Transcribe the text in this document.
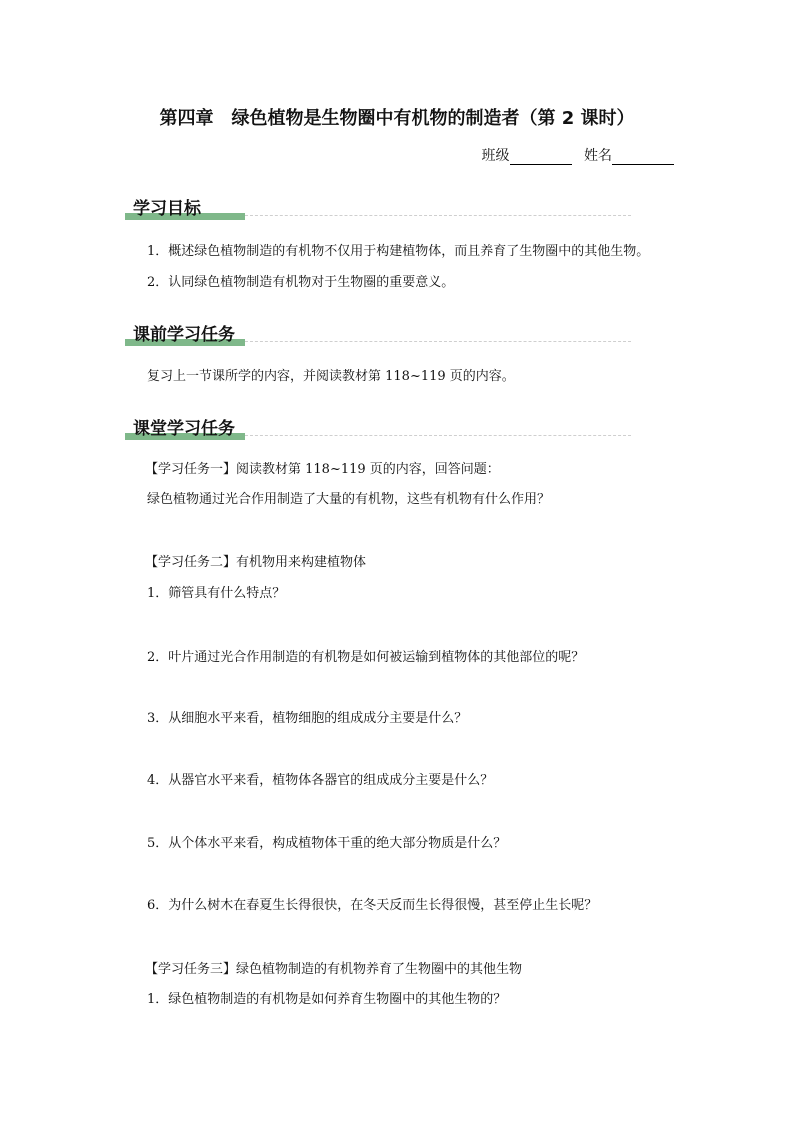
第四章　绿色植物是生物圈中有机物的制造者（第 2 课时）
班级	姓名
学习目标
1．概述绿色植物制造的有机物不仅用于构建植物体，而且养育了生物圈中的其他生物。
2．认同绿色植物制造有机物对于生物圈的重要意义。
课前学习任务
复习上一节课所学的内容，并阅读教材第 118~119 页的内容。
课堂学习任务
【学习任务一】阅读教材第 118~119 页的内容，回答问题：
绿色植物通过光合作用制造了大量的有机物，这些有机物有什么作用？
【学习任务二】有机物用来构建植物体
1．筛管具有什么特点？
2．叶片通过光合作用制造的有机物是如何被运输到植物体的其他部位的呢？
3．从细胞水平来看，植物细胞的组成成分主要是什么？
4．从器官水平来看，植物体各器官的组成成分主要是什么？
5．从个体水平来看，构成植物体干重的绝大部分物质是什么？
6．为什么树木在春夏生长得很快，在冬天反而生长得很慢，甚至停止生长呢？
【学习任务三】绿色植物制造的有机物养育了生物圈中的其他生物
1．绿色植物制造的有机物是如何养育生物圈中的其他生物的？
